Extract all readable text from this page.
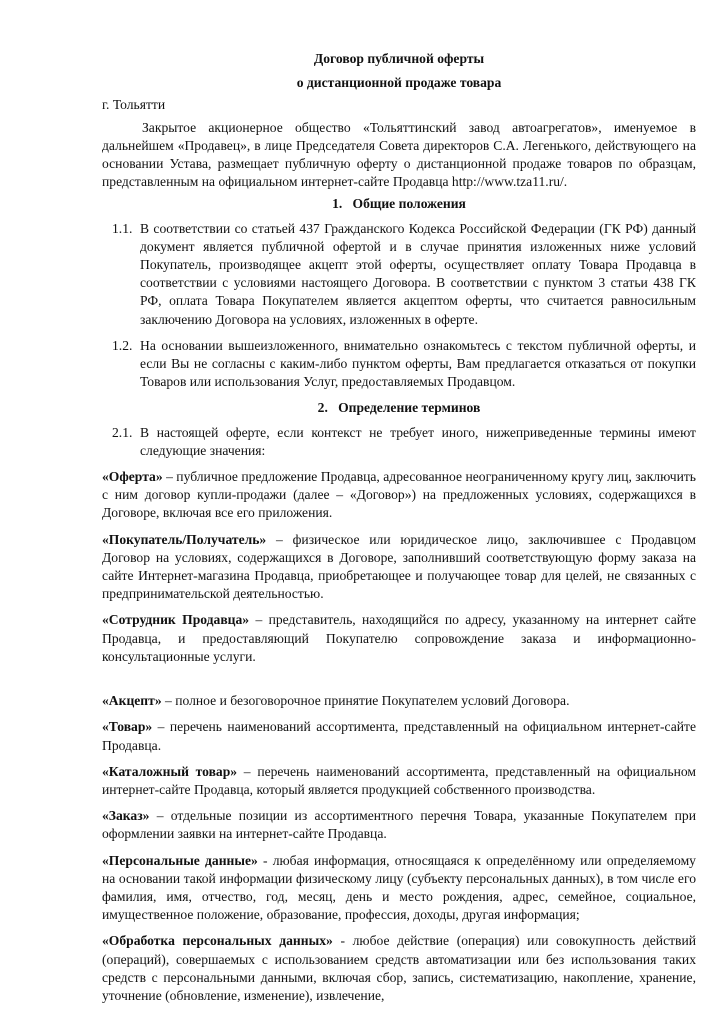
Договор публичной оферты

о дистанционной продаже товара

г. Тольятти

Закрытое акционерное общество «Тольяттинский завод автоагрегатов», именуемое в дальнейшем «Продавец», в лице Председателя Совета директоров С.А. Легенького, действующего на основании Устава, размещает публичную оферту о дистанционной продаже товаров по образцам, представленным на официальном интернет-сайте Продавца http://www.tza11.ru/.

1. Общие положения

1.1. В соответствии со статьей 437 Гражданского Кодекса Российской Федерации (ГК РФ) данный документ является публичной офертой и в случае принятия изложенных ниже условий Покупатель, производящее акцепт этой оферты, осуществляет оплату Товара Продавца в соответствии с условиями настоящего Договора. В соответствии с пунктом 3 статьи 438 ГК РФ, оплата Товара Покупателем является акцептом оферты, что считается равносильным заключению Договора на условиях, изложенных в оферте.
1.2. На основании вышеизложенного, внимательно ознакомьтесь с текстом публичной оферты, и если Вы не согласны с каким-либо пунктом оферты, Вам предлагается отказаться от покупки Товаров или использования Услуг, предоставляемых Продавцом.

2. Определение терминов

2.1. В настоящей оферте, если контекст не требует иного, нижеприведенные термины имеют следующие значения:

«Оферта» – публичное предложение Продавца, адресованное неограниченному кругу лиц, заключить с ним договор купли-продажи (далее – «Договор») на предложенных условиях, содержащихся в Договоре, включая все его приложения.

«Покупатель/Получатель» – физическое или юридическое лицо, заключившее с Продавцом Договор на условиях, содержащихся в Договоре, заполнивший соответствующую форму заказа на сайте Интернет-магазина Продавца, приобретающее и получающее товар для целей, не связанных с предпринимательской деятельностью.

«Сотрудник Продавца» – представитель, находящийся по адресу, указанному на интернет сайте Продавца, и предоставляющий Покупателю сопровождение заказа и информационно-консультационные услуги.

«Акцепт» – полное и безоговорочное принятие Покупателем условий Договора.

«Товар» – перечень наименований ассортимента, представленный на официальном интернет-сайте Продавца.

«Каталожный товар» – перечень наименований ассортимента, представленный на официальном интернет-сайте Продавца, который является продукцией собственного производства.

«Заказ» – отдельные позиции из ассортиментного перечня Товара, указанные Покупателем при оформлении заявки на интернет-сайте Продавца.

«Персональные данные» - любая информация, относящаяся к определённому или определяемому на основании такой информации физическому лицу (субъекту персональных данных), в том числе его фамилия, имя, отчество, год, месяц, день и место рождения, адрес, семейное, социальное, имущественное положение, образование, профессия, доходы, другая информация;

«Обработка персональных данных» - любое действие (операция) или совокупность действий (операций), совершаемых с использованием средств автоматизации или без использования таких средств с персональными данными, включая сбор, запись, систематизацию, накопление, хранение, уточнение (обновление, изменение), извлечение,
